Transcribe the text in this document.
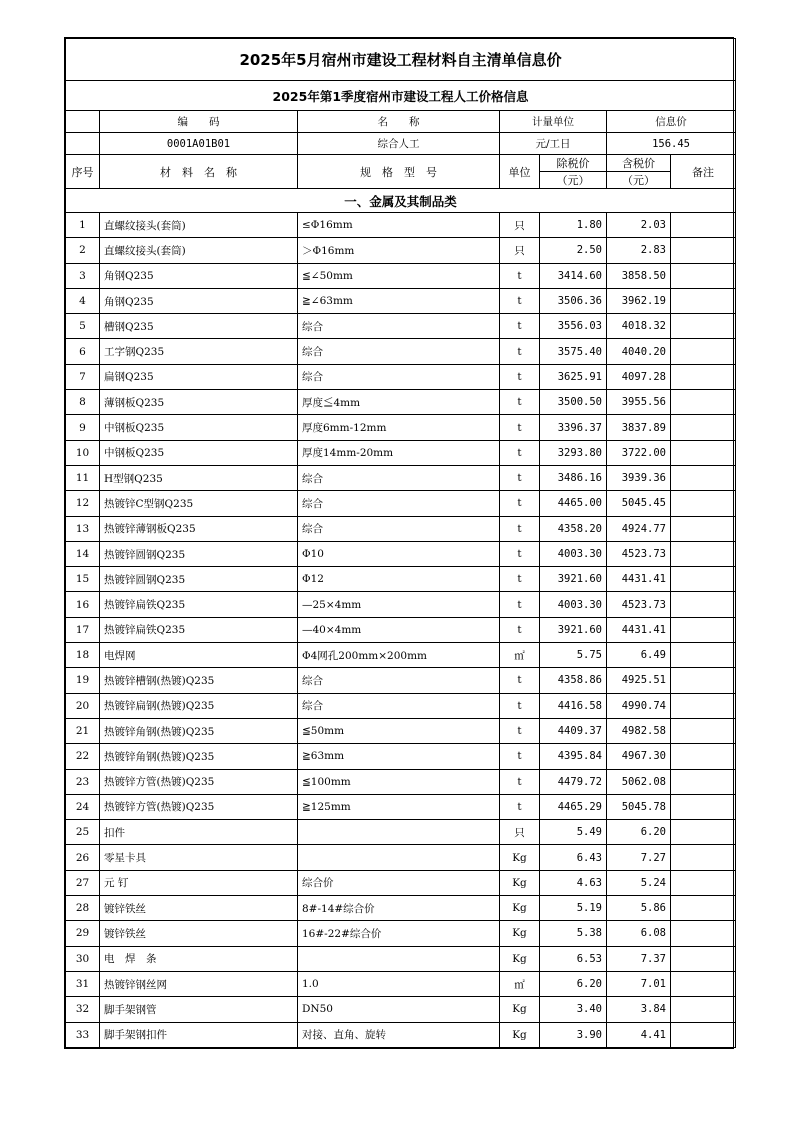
2025年5月宿州市建设工程材料自主清单信息价						
2025年第1季度宿州市建设工程人工价格信息						
	编　　码	名　　称	计量单位		信息价	
	0001A01B01	综合人工	元/工日		156.45	
序号	材　料　名　称	规　格　型　号	单位	除税价	含税价	备注
				（元）	（元）	
一、金属及其制品类						
1	直螺纹接头(套筒)	≤Φ16mm	只	1.80	2.03	
2	直螺纹接头(套筒)	＞Φ16mm	只	2.50	2.83	
3	角钢Q235	≦∠50mm	t	3414.60	3858.50	
4	角钢Q235	≧∠63mm	t	3506.36	3962.19	
5	槽钢Q235	综合	t	3556.03	4018.32	
6	工字钢Q235	综合	t	3575.40	4040.20	
7	扁钢Q235	综合	t	3625.91	4097.28	
8	薄钢板Q235	厚度≦4mm	t	3500.50	3955.56	
9	中钢板Q235	厚度6mm-12mm	t	3396.37	3837.89	
10	中钢板Q235	厚度14mm-20mm	t	3293.80	3722.00	
11	H型钢Q235	综合	t	3486.16	3939.36	
12	热镀锌C型钢Q235	综合	t	4465.00	5045.45	
13	热镀锌薄钢板Q235	综合	t	4358.20	4924.77	
14	热镀锌圆钢Q235	Φ10	t	4003.30	4523.73	
15	热镀锌圆钢Q235	Φ12	t	3921.60	4431.41	
16	热镀锌扁铁Q235	—25×4mm	t	4003.30	4523.73	
17	热镀锌扁铁Q235	—40×4mm	t	3921.60	4431.41	
18	电焊网	Φ4网孔200mm×200mm	㎡	5.75	6.49	
19	热镀锌槽钢(热镀)Q235	综合	t	4358.86	4925.51	
20	热镀锌扁钢(热镀)Q235	综合	t	4416.58	4990.74	
21	热镀锌角钢(热镀)Q235	≦50mm	t	4409.37	4982.58	
22	热镀锌角钢(热镀)Q235	≧63mm	t	4395.84	4967.30	
23	热镀锌方管(热镀)Q235	≦100mm	t	4479.72	5062.08	
24	热镀锌方管(热镀)Q235	≧125mm	t	4465.29	5045.78	
25	扣件		只	5.49	6.20	
26	零星卡具		Kg	6.43	7.27	
27	元 钉	综合价	Kg	4.63	5.24	
28	镀锌铁丝	8#-14#综合价	Kg	5.19	5.86	
29	镀锌铁丝	16#-22#综合价	Kg	5.38	6.08	
30	电　焊　条		Kg	6.53	7.37	
31	热镀锌钢丝网	1.0	㎡	6.20	7.01	
32	脚手架钢管	DN50	Kg	3.40	3.84	
33	脚手架钢扣件	对接、直角、旋转	Kg	3.90	4.41	
